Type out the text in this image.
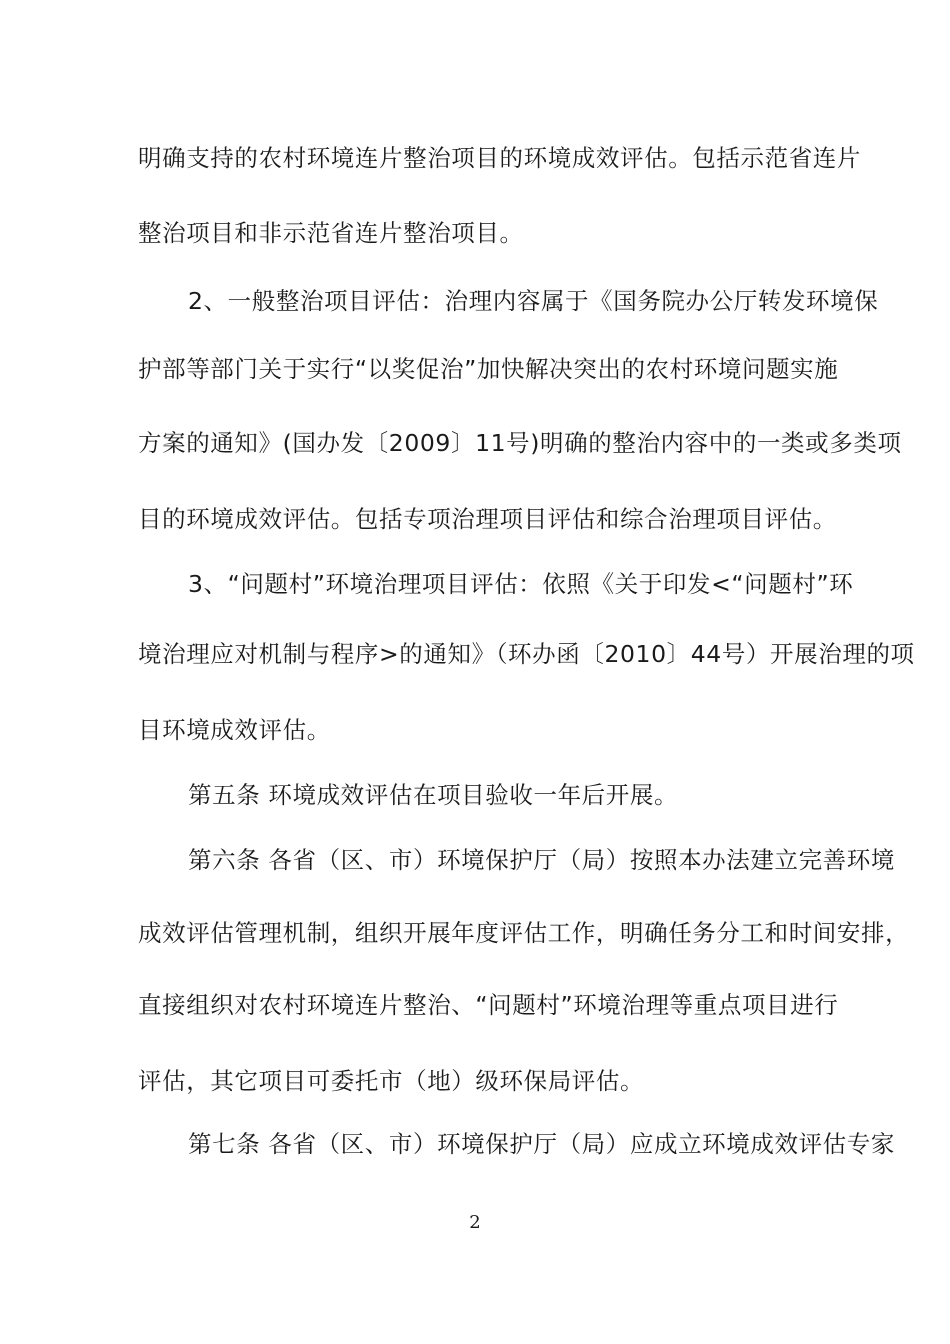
明确支持的农村环境连片整治项目的环境成效评估。包括示范省连片
整治项目和非示范省连片整治项目。
2、一般整治项目评估：治理内容属于《国务院办公厅转发环境保
护部等部门关于实行“以奖促治”加快解决突出的农村环境问题实施
方案的通知》(国办发〔2009〕11号)明确的整治内容中的一类或多类项
目的环境成效评估。包括专项治理项目评估和综合治理项目评估。
3、“问题村”环境治理项目评估：依照《关于印发<“问题村”环
境治理应对机制与程序>的通知》（环办函〔2010〕44号）开展治理的项
目环境成效评估。
第五条 环境成效评估在项目验收一年后开展。
第六条 各省（区、市）环境保护厅（局）按照本办法建立完善环境
成效评估管理机制，组织开展年度评估工作，明确任务分工和时间安排，
直接组织对农村环境连片整治、“问题村”环境治理等重点项目进行
评估，其它项目可委托市（地）级环保局评估。
第七条 各省（区、市）环境保护厅（局）应成立环境成效评估专家
2
